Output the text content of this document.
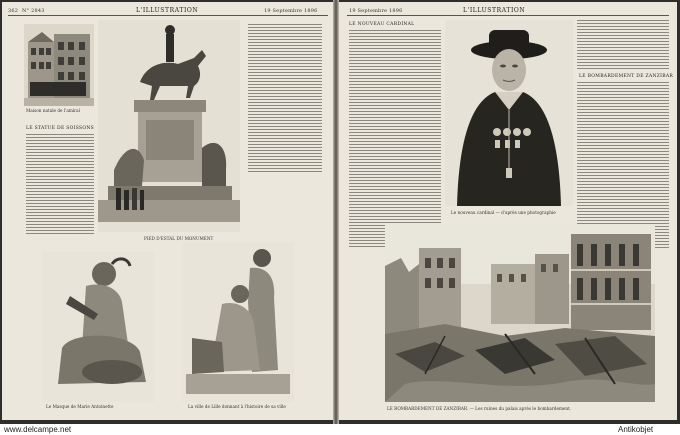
362 N° 2843	L'ILLUSTRATION	19 Septembre 1896
Maison natale de l'amiral
LE STATUE DE SOISSONS
PIED D'ESTAL DU MONUMENT
Le Masque de Marie Antoinette	La ville de Lille donnant à l'histoire de sa ville
19 Septembre 1896	L'ILLUSTRATION
LE NOUVEAU CARDINAL
LE BOMBARDEMENT DE ZANZIBAR
Le nouveau cardinal — d'après une photographie
LE BOMBARDEMENT DE ZANZIBAR. — Les ruines du palais après le bombardement.
www.delcampe.net	Antikobjet
